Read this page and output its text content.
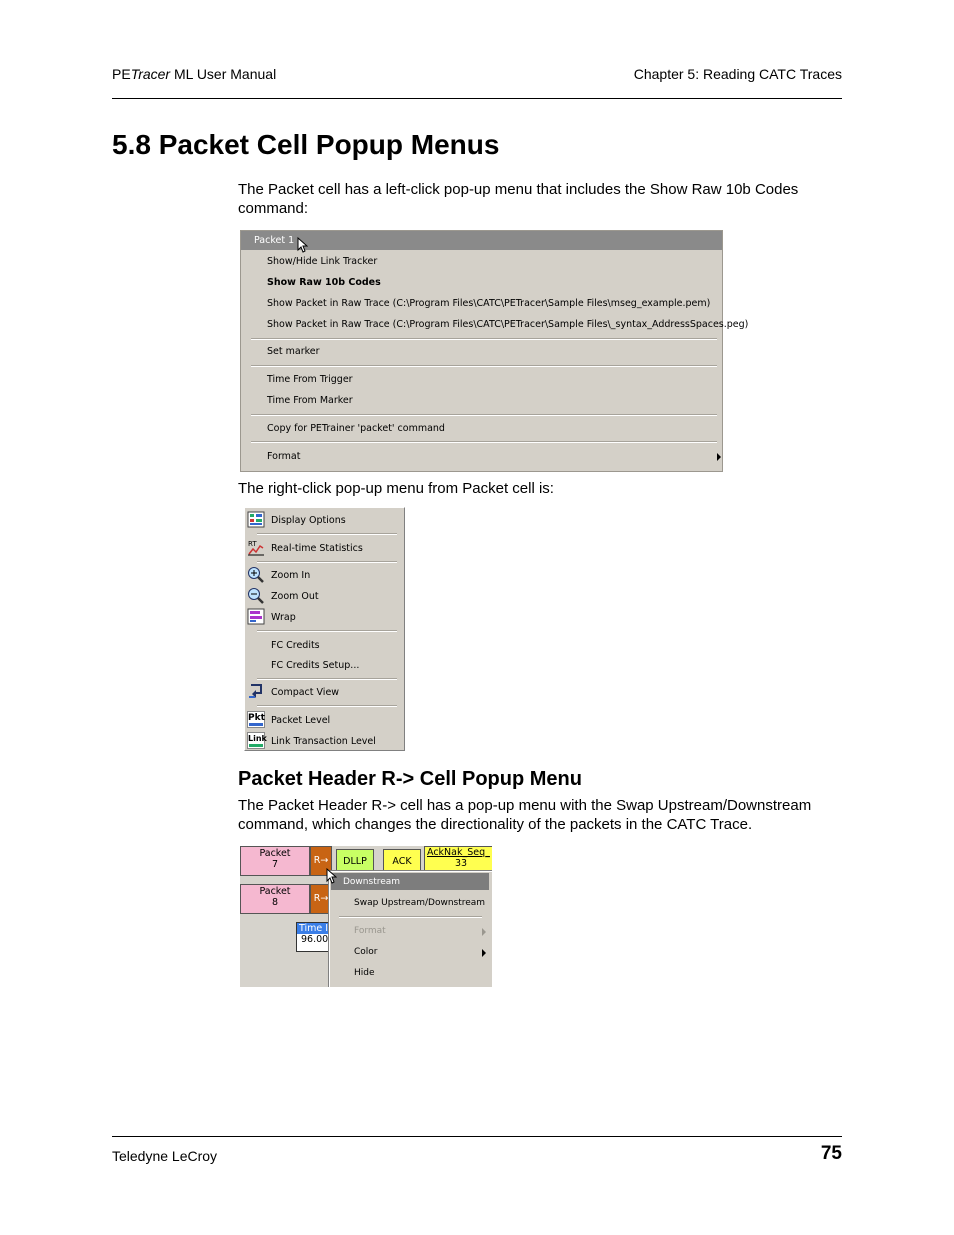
PETracer ML User Manual	Chapter 5: Reading CATC Traces
5.8 Packet Cell Popup Menus
The Packet cell has a left-click pop-up menu that includes the Show Raw 10b Codes command:
Packet 1
Show/Hide Link Tracker
Show Raw 10b Codes
Show Packet in Raw Trace (C:\Program Files\CATC\PETracer\Sample Files\mseg_example.pem)
Show Packet in Raw Trace (C:\Program Files\CATC\PETracer\Sample Files\_syntax_AddressSpaces.peg)
Set marker
Time From Trigger
Time From Marker
Copy for PETrainer 'packet' command
Format
The right-click pop-up menu from Packet cell is:
Display Options
RT Real-time Statistics
Zoom In
Zoom Out
Wrap
FC Credits
FC Credits Setup...
Compact View
Pkt Packet Level
Link Link Transaction Level
Packet Header R-> Cell Popup Menu
The Packet Header R-> cell has a pop-up menu with the Swap Upstream/Downstream command, which changes the directionality of the packets in the CATC Trace.
Packet
7	R→	DLLP	ACK
AckNak_Seq_
33
Packet
8	R→
Time I
96.00
Downstream
Swap Upstream/Downstream
Format
Color
Hide
Teledyne LeCroy	75
